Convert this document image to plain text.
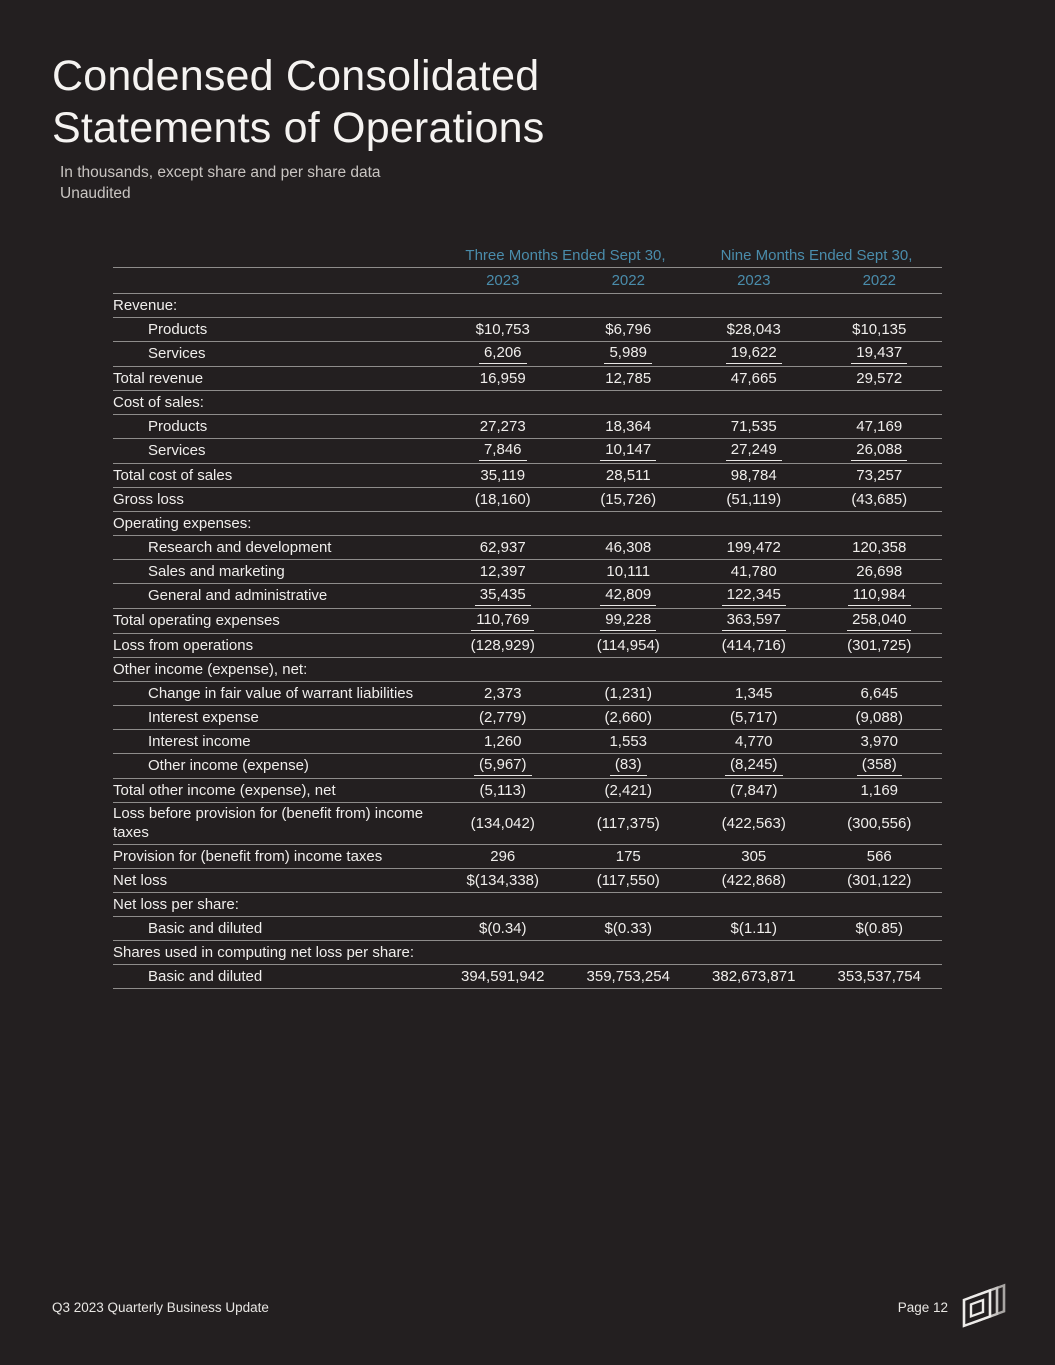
Condensed Consolidated
Statements of Operations
In thousands, except share and per share data
Unaudited
Three Months Ended Sept 30,	Nine Months Ended Sept 30,
2023	2022	2023	2022
Revenue:
Products	$10,753	$6,796	$28,043	$10,135
Services	6,206	5,989	19,622	19,437
Total revenue	16,959	12,785	47,665	29,572
Cost of sales:
Products	27,273	18,364	71,535	47,169
Services	7,846	10,147	27,249	26,088
Total cost of sales	35,119	28,511	98,784	73,257
Gross loss	(18,160)	(15,726)	(51,119)	(43,685)
Operating expenses:
Research and development	62,937	46,308	199,472	120,358
Sales and marketing	12,397	10,111	41,780	26,698
General and administrative	35,435	42,809	122,345	110,984
Total operating expenses	110,769	99,228	363,597	258,040
Loss from operations	(128,929)	(114,954)	(414,716)	(301,725)
Other income (expense), net:
Change in fair value of warrant liabilities	2,373	(1,231)	1,345	6,645
Interest expense	(2,779)	(2,660)	(5,717)	(9,088)
Interest income	1,260	1,553	4,770	3,970
Other income (expense)	(5,967)	(83)	(8,245)	(358)
Total other income (expense), net	(5,113)	(2,421)	(7,847)	1,169
Loss before provision for (benefit from) income taxes
(134,042)	(117,375)	(422,563)	(300,556)
Provision for (benefit from) income taxes	296	175	305	566
Net loss	$(134,338)	(117,550)	(422,868)	(301,122)
Net loss per share:
Basic and diluted	$(0.34)	$(0.33)	$(1.11)	$(0.85)
Shares used in computing net loss per share:
Basic and diluted	394,591,942	359,753,254	382,673,871	353,537,754
Q3 2023 Quarterly Business Update	Page 12
